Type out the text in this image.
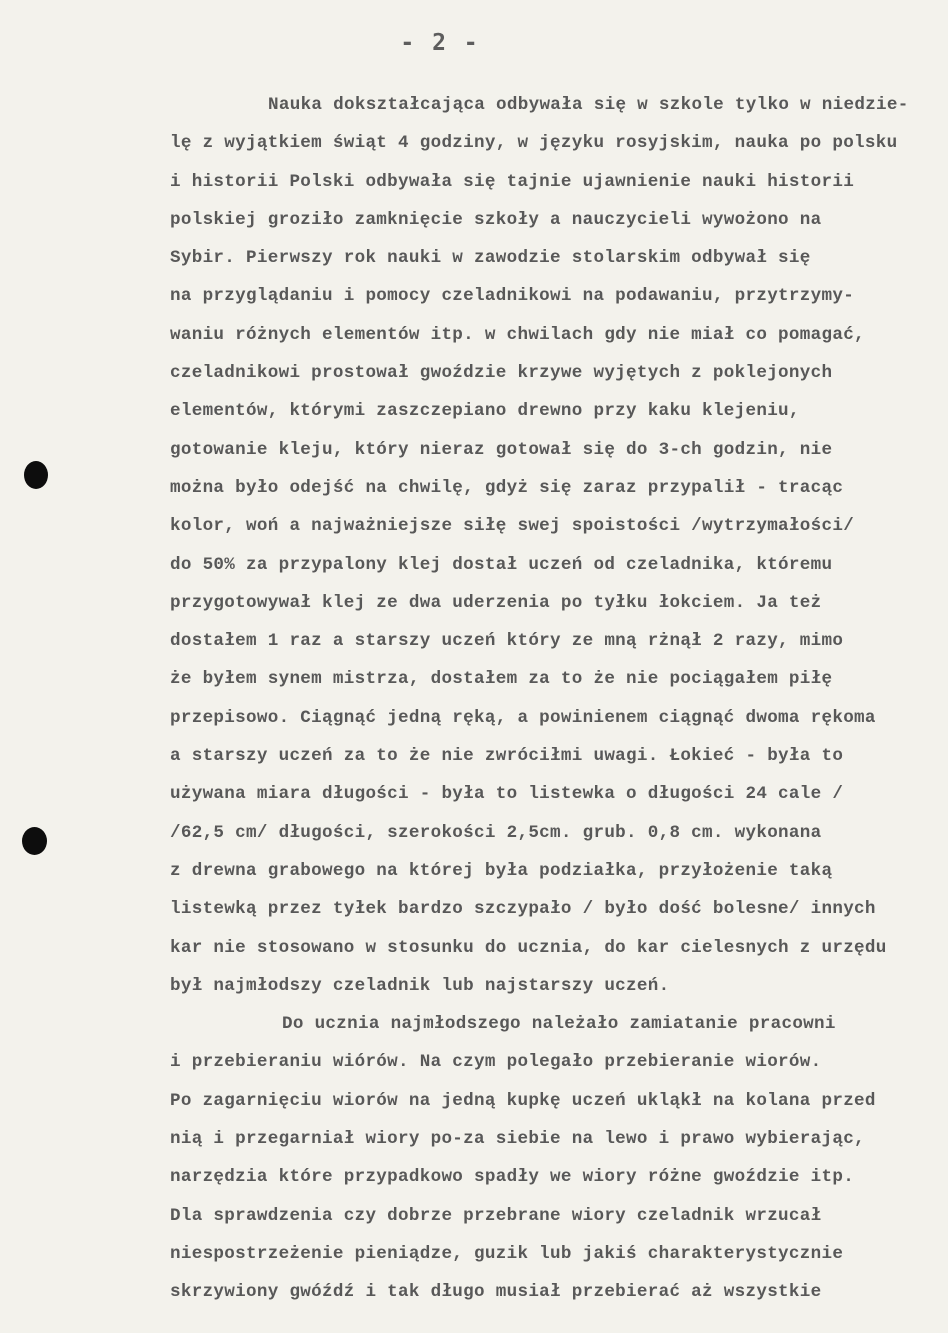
- 2 -
Nauka dokształcająca odbywała się w szkole tylko w niedzie-
lę z wyjątkiem świąt 4 godziny, w języku rosyjskim, nauka po polsku
i historii Polski odbywała się tajnie ujawnienie nauki historii
polskiej groziło zamknięcie szkoły a nauczycieli wywożono na
Sybir. Pierwszy rok nauki w zawodzie stolarskim odbywał się
na przyglądaniu i pomocy czeladnikowi na podawaniu, przytrzymy-
waniu różnych elementów itp. w chwilach gdy nie miał co pomagać,
czeladnikowi prostował gwoździe krzywe wyjętych z poklejonych
elementów, którymi zaszczepiano drewno przy kaku klejeniu,
gotowanie kleju, który nieraz gotował się do 3-ch godzin, nie
można było odejść na chwilę, gdyż się zaraz przypalił - tracąc
kolor, woń a najważniejsze siłę swej spoistości /wytrzymałości/
do 50% za przypalony klej dostał uczeń od czeladnika, któremu
przygotowywał klej ze dwa uderzenia po tyłku łokciem. Ja też
dostałem 1 raz a starszy uczeń który ze mną rżnął 2 razy, mimo
że byłem synem mistrza, dostałem za to że nie pociągałem piłę
przepisowo. Ciągnąć jedną ręką, a powinienem ciągnąć dwoma rękoma
a starszy uczeń za to że nie zwróciłmi uwagi. Łokieć - była to
używana miara długości - była to listewka o długości 24 cale /
/62,5 cm/ długości, szerokości 2,5cm. grub. 0,8 cm. wykonana
z drewna grabowego na której była podziałka, przyłożenie taką
listewką przez tyłek bardzo szczypało / było dość bolesne/ innych
kar nie stosowano w stosunku do ucznia, do kar cielesnych z urzędu
był najmłodszy czeladnik lub najstarszy uczeń.
Do ucznia najmłodszego należało zamiatanie pracowni
i przebieraniu wiórów. Na czym polegało przebieranie wiorów.
Po zagarnięciu wiorów na jedną kupkę uczeń ukląkł na kolana przed
nią i przegarniał wiory po-za siebie na lewo i prawo wybierając,
narzędzia które przypadkowo spadły we wiory różne gwoździe itp.
Dla sprawdzenia czy dobrze przebrane wiory czeladnik wrzucał
niespostrzeżenie pieniądze, guzik lub jakiś charakterystycznie
skrzywiony gwóźdź i tak długo musiał przebierać aż wszystkie
